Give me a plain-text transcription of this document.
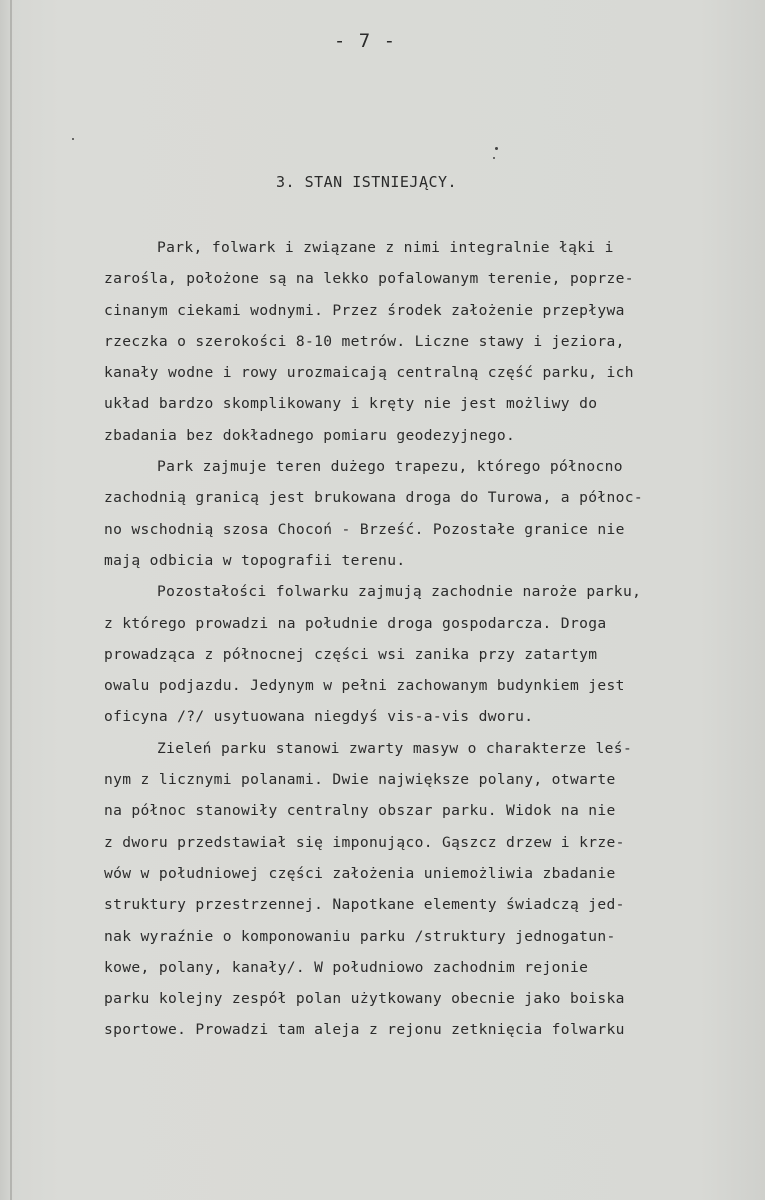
- 7 -
3. STAN ISTNIEJĄCY.
Park, folwark i związane z nimi integralnie łąki i
zarośla, położone są na lekko pofalowanym terenie, poprze-
cinanym ciekami wodnymi. Przez środek założenie przepływa
rzeczka o szerokości 8-10 metrów. Liczne stawy i jeziora,
kanały wodne i rowy urozmaicają centralną część parku, ich
układ bardzo skomplikowany i kręty nie jest możliwy do
zbadania bez dokładnego pomiaru geodezyjnego.
Park zajmuje teren dużego trapezu, którego północno
zachodnią granicą jest brukowana droga do Turowa, a północ-
no wschodnią szosa Chocoń - Brześć. Pozostałe granice nie
mają odbicia w topografii terenu.
Pozostałości folwarku zajmują zachodnie naroże parku,
z którego prowadzi na południe droga gospodarcza. Droga
prowadząca z północnej części wsi zanika przy zatartym
owalu podjazdu. Jedynym w pełni zachowanym budynkiem jest
oficyna /?/ usytuowana niegdyś vis-a-vis dworu.
Zieleń parku stanowi zwarty masyw o charakterze leś-
nym z licznymi polanami. Dwie największe polany, otwarte
na północ stanowiły centralny obszar parku. Widok na nie
z dworu przedstawiał się imponująco. Gąszcz drzew i krze-
wów w południowej części założenia uniemożliwia zbadanie
struktury przestrzennej. Napotkane elementy świadczą jed-
nak wyraźnie o komponowaniu parku /struktury jednogatun-
kowe, polany, kanały/. W południowo zachodnim rejonie
parku kolejny zespół polan użytkowany obecnie jako boiska
sportowe. Prowadzi tam aleja z rejonu zetknięcia folwarku
